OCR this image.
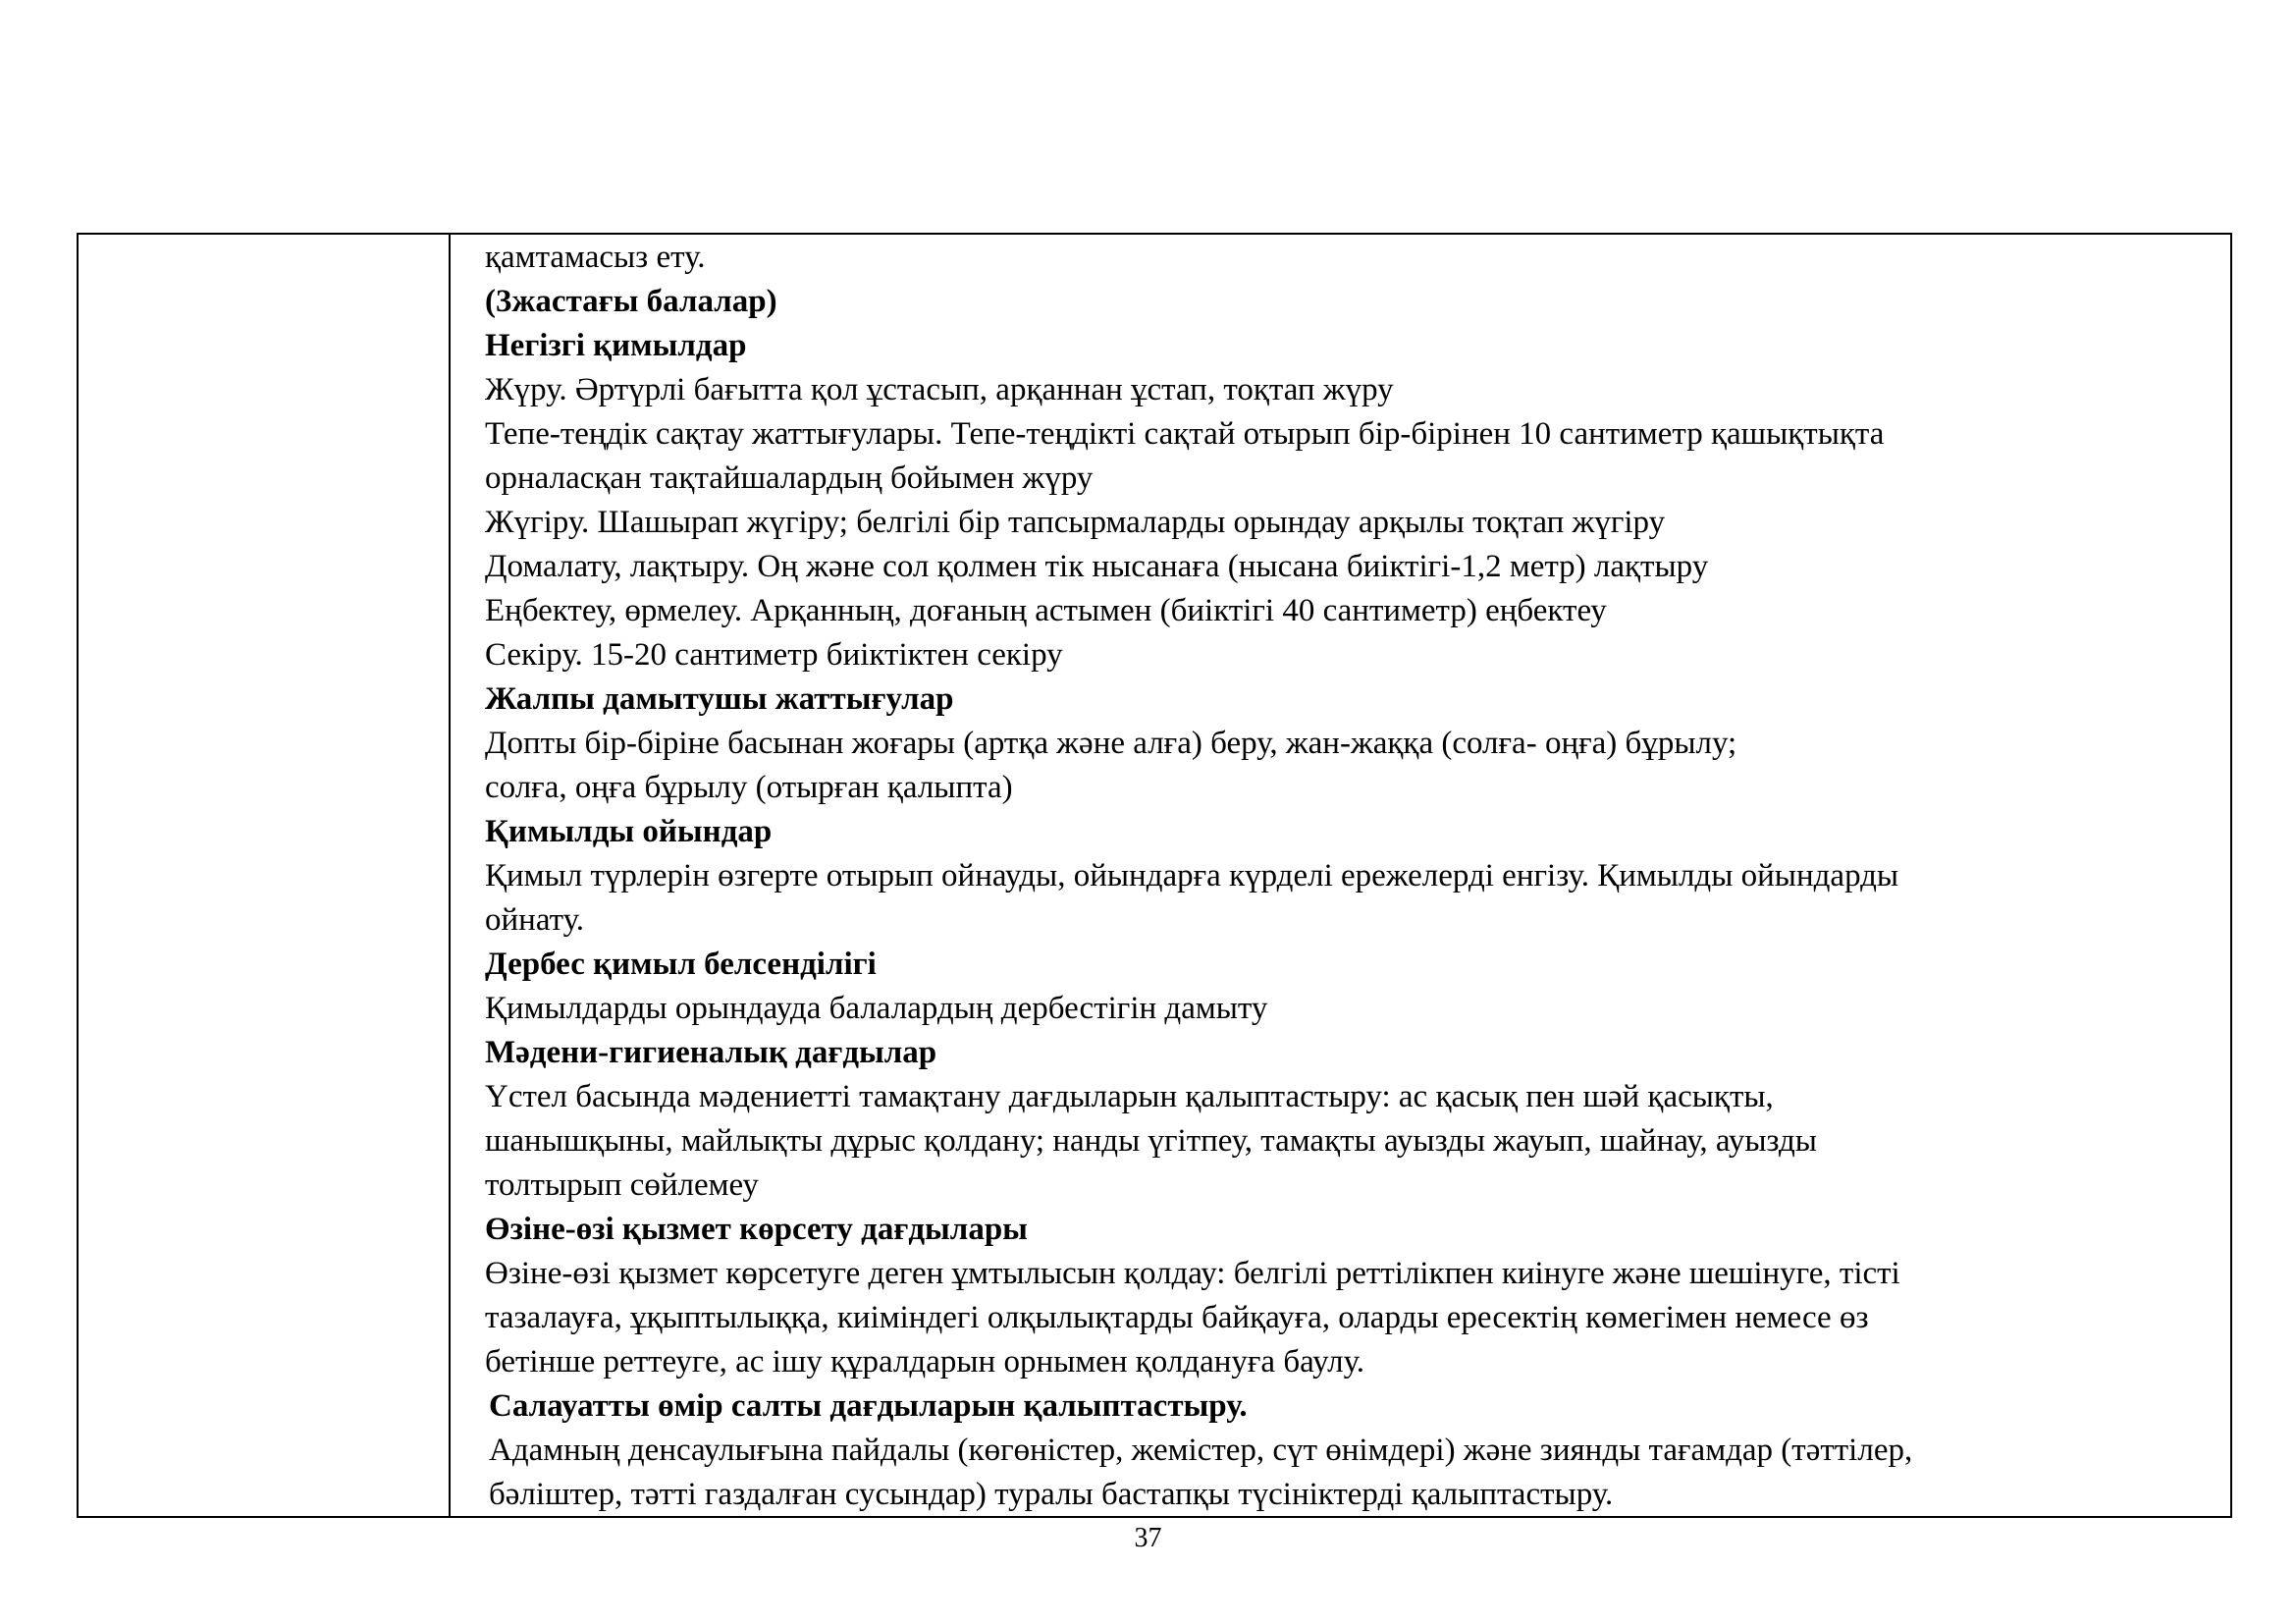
қамтамасыз ету.
(3жастағы балалар)
Негізгі қимылдар
Жүру. Әртүрлі бағытта қол ұстасып, арқаннан ұстап, тоқтап жүру
Тепе-теңдік сақтау жаттығулары. Тепе-теңдікті сақтай отырып бір-бірінен 10 сантиметр қашықтықта
орналасқан тақтайшалардың бойымен жүру
Жүгіру. Шашырап жүгіру; белгілі бір тапсырмаларды орындау арқылы тоқтап жүгіру
Домалату, лақтыру. Оң және сол қолмен тік нысанаға (нысана биіктігі-1,2 метр) лақтыру
Еңбектеу, өрмелеу. Арқанның, доғаның астымен (биіктігі 40 сантиметр) еңбектеу
Секіру. 15-20 сантиметр биіктіктен секіру
Жалпы дамытушы жаттығулар
Допты бір-біріне басынан жоғары (артқа және алға) беру, жан-жаққа (солға- оңға) бұрылу;
солға, оңға бұрылу (отырған қалыпта)
Қимылды ойындар
Қимыл түрлерін өзгерте отырып ойнауды, ойындарға күрделі ережелерді енгізу. Қимылды ойындарды
ойнату.
Дербес қимыл белсенділігі
Қимылдарды орындауда балалардың дербестігін дамыту
Мәдени-гигиеналық дағдылар
Үстел басында мәдениетті тамақтану дағдыларын қалыптастыру: ас қасық пен шәй қасықты,
шанышқыны, майлықты дұрыс қолдану; нанды үгітпеу, тамақты ауызды жауып, шайнау, ауызды
толтырып сөйлемеу
Өзіне-өзі қызмет көрсету дағдылары
Өзіне-өзі қызмет көрсетуге деген ұмтылысын қолдау: белгілі реттілікпен киінуге және шешінуге, тісті
тазалауға, ұқыптылыққа, киіміндегі олқылықтарды байқауға, оларды ересектің көмегімен немесе өз
бетінше реттеуге, ас ішу құралдарын орнымен қолдануға баулу.
Салауатты өмір салты дағдыларын қалыптастыру.
Адамның денсаулығына пайдалы (көгөністер, жемістер, сүт өнімдері) және зиянды тағамдар (тәттілер,
бәліштер, тәтті газдалған сусындар) туралы бастапқы түсініктерді қалыптастыру.
37
